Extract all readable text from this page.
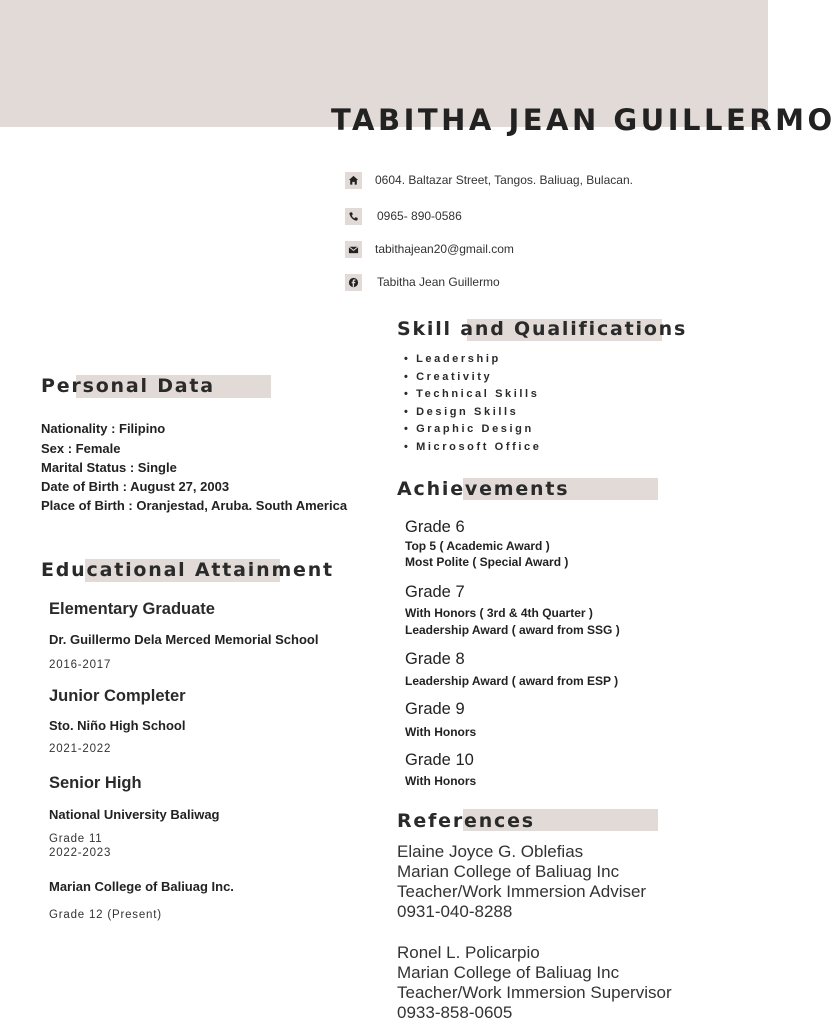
TABITHA JEAN GUILLERMO
0604. Baltazar Street, Tangos. Baliuag, Bulacan.
0965- 890-0586
tabithajean20@gmail.com
Tabitha Jean Guillermo
Personal Data
Nationality : Filipino
Sex : Female
Marital Status : Single
Date of Birth : August 27, 2003
Place of Birth : Oranjestad, Aruba. South America
Educational Attainment
Elementary Graduate
Dr. Guillermo Dela Merced Memorial School
2016-2017
Junior Completer
Sto. Niño High School
2021-2022
Senior High
National University Baliwag
Grade 11
2022-2023
Marian College of Baliuag Inc.
Grade 12 (Present)
Skill and Qualifications
• Leadership
• Creativity
• Technical Skills
• Design Skills
• Graphic Design
• Microsoft Office
Achievements
Grade 6
Top 5 ( Academic Award )
Most Polite ( Special Award )
Grade 7
With Honors ( 3rd & 4th Quarter )
Leadership Award ( award from SSG )
Grade 8
Leadership Award ( award from ESP )
Grade 9
With Honors
Grade 10
With Honors
References
Elaine Joyce G. Oblefias
Marian College of Baliuag Inc
Teacher/Work Immersion Adviser
0931-040-8288
Ronel L. Policarpio
Marian College of Baliuag Inc
Teacher/Work Immersion Supervisor
0933-858-0605
